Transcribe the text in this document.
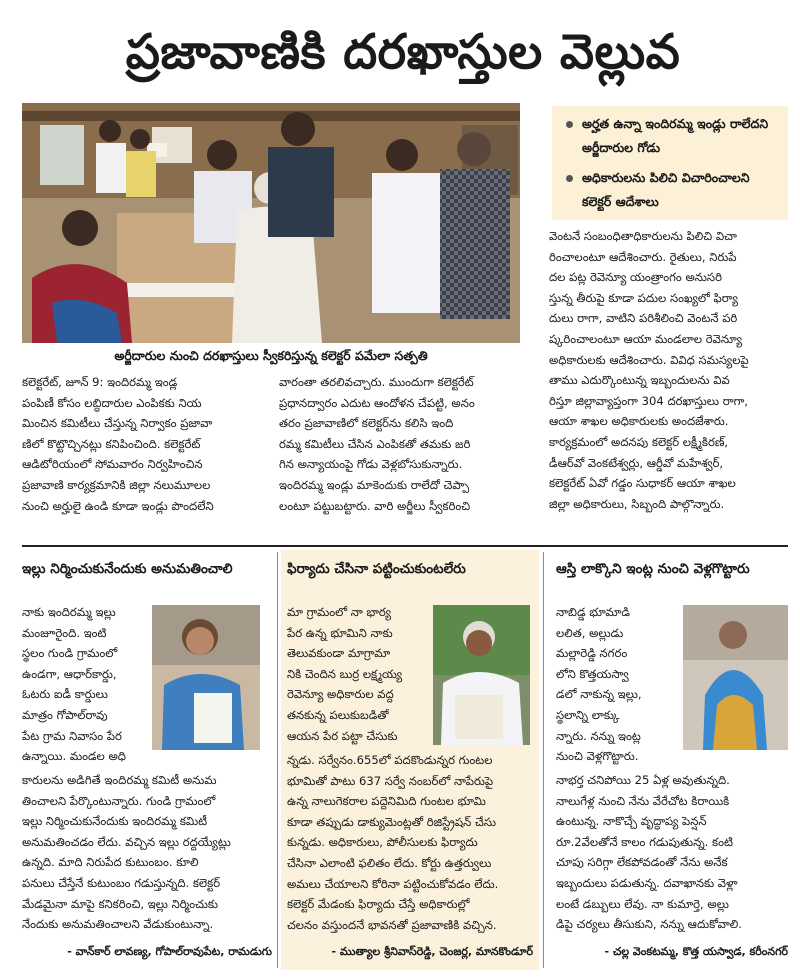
ప్రజావాణికి దరఖాస్తుల వెల్లువ
అర్జీదారుల నుంచి దరఖాస్తులు స్వీకరిస్తున్న కలెక్టర్‌ పమేలా సత్పతి
అర్హత ఉన్నా ఇందిరమ్మ ఇండ్లు రాలేదని అర్జీదారుల గోడు
అధికారులను పిలిచి విచారించాలని కలెక్టర్‌ ఆదేశాలు
కలెక్టరేట్‌, జూన్‌ 9: ఇందిరమ్మ ఇండ్ల
పంపిణీ కోసం లబ్ధిదారుల ఎంపికకు నియ
మించిన కమిటీలు చేస్తున్న నిర్వాకం ప్రజావా
ణిలో కొట్టొచ్చినట్లు కనిపించింది. కలెక్టరేట్‌
ఆడిటోరియంలో సోమవారం నిర్వహించిన
ప్రజావాణి కార్యక్రమానికి జిల్లా నలుమూలల
నుంచి అర్హులై ఉండి కూడా ఇండ్లు పొందలేని
వారంతా తరలివచ్చారు. ముందుగా కలెక్టరేట్‌
ప్రధానద్వారం ఎదుట ఆందోళన చేపట్టి, అనం
తరం ప్రజావాణిలో కలెక్టర్‌ను కలిసి ఇంది
రమ్మ కమిటీలు చేసిన ఎంపికతో తమకు జరి
గిన అన్యాయంపై గోడు వెళ్లబోసుకున్నారు.
ఇందిరమ్మ ఇండ్లు మాకెందుకు రాలేదో చెప్పా
లంటూ పట్టుబట్టారు. వారి అర్జీలు స్వీకరించి
వెంటనే సంబంధితాధికారులను పిలిచి విచా
రించాలంటూ ఆదేశించారు. రైతులు, నిరుపే
దల పట్ల రెవెన్యూ యంత్రాంగం అనుసరి
స్తున్న తీరుపై కూడా పదుల సంఖ్యలో ఫిర్యా
దులు రాగా, వాటిని పరిశీలించి వెంటనే పరి
ష్కరించాలంటూ ఆయా మండలాల రెవెన్యూ
అధికారులకు ఆదేశించారు. వివిధ సమస్యలపై
తాము ఎదుర్కొంటున్న ఇబ్బందులను వివ
రిస్తూ జిల్లావ్యాప్తంగా 304 దరఖాస్తులు రాగా,
ఆయా శాఖల అధికారులకు అందజేశారు.
కార్యక్రమంలో అదనపు కలెక్టర్‌ లక్ష్మీకిరణ్‌,
డీఆర్‌వో వెంకటేశ్వర్లు, ఆర్డీవో మహేశ్వర్‌,
కలెక్టరేట్‌ ఏవో గడ్డం సుధాకర్‌ ఆయా శాఖల
జిల్లా అధికారులు, సిబ్బంది పాల్గొన్నారు.
ఇల్లు నిర్మించుకునేందుకు అనుమతించాలి
నాకు ఇందిరమ్మ ఇల్లు
మంజూరైంది. ఇంటి
స్థలం గుండి గ్రామంలో
ఉండగా, ఆధార్‌కార్డు,
ఓటరు ఐడీ కార్డులు
మాత్రం గోపాల్‌రావు
పేట గ్రామ నివాసం పేర
ఉన్నాయి. మండల అధి
కారులను అడిగితే ఇందిరమ్మ కమిటీ అనుమ
తించాలని పేర్కొంటున్నారు. గుండి గ్రామంలో
ఇల్లు నిర్మించుకునేందుకు ఇందిరమ్మ కమిటీ
అనుమతించడం లేదు. వచ్చిన ఇల్లు రద్దయ్యేట్లు
ఉన్నది. మాది నిరుపేద కుటుంబం. కూలి
పనులు చేస్తేనే కుటుంబం గడుస్తున్నది. కలెక్టర్‌
మేడమైనా మాపై కనికరించి, ఇల్లు నిర్మించుకు
నేందుకు అనుమతించాలని వేడుకుంటున్నా.
- వాన్‌కార్‌ లావణ్య, గోపాల్‌రావుపేట, రామడుగు
ఫిర్యాదు చేసినా పట్టించుకుంటలేరు
మా గ్రామంలో నా భార్య
పేర ఉన్న భూమిని నాకు
తెలువకుండా మాగ్రామా
నికి చెందిన బుర్ర లక్ష్మయ్య
రెవెన్యూ అధికారుల వద్ద
తనకున్న పలుకుబడితో
ఆయన పేర పట్టా చేసుకు
న్నడు. సర్వేనం.655లో పదకొండున్నర గుంటల
భూమితో పాటు 637 సర్వే నంబర్‌లో నాపేరుపై
ఉన్న నాలుగెకరాల పద్దెనిమిది గుంటల భూమి
కూడా తప్పుడు డాక్యుమెంట్లతో రిజిస్ట్రేషన్‌ చేసు
కున్నడు. అధికారులు, పోలీసులకు ఫిర్యాదు
చేసినా ఎలాంటి ఫలితం లేదు. కోర్టు ఉత్తర్వులు
అమలు చేయాలని కోరినా పట్టించుకోవడం లేదు.
కలెక్టర్‌ మేడంకు ఫిర్యాదు చేస్తే అధికారుల్లో
చలనం వస్తుందనే భావనతో ప్రజావాణికి వచ్చిన.
- ముత్యాల శ్రీనివాస్‌రెడ్డి, చెంజర్ల, మానకొండూర్‌
ఆస్తి లాక్కొని ఇంట్ల నుంచి వెళ్లగొట్టారు
నాబిడ్డ భూమాడి
లలిత, అల్లుడు
మల్లారెడ్డి నగరం
లోని కొత్తయస్వా
డలో నాకున్న ఇల్లు,
స్థలాన్ని లాక్కు
న్నారు. నన్ను ఇంట్ల
నుంచి వెళ్లగొట్టారు.
నాభర్త చనిపోయి 25 ఏళ్ల అవుతున్నది.
నాలుగేళ్ల నుంచి నేను వేరేచోట కిరాయికి
ఉంటున్న. నాకొచ్చే వృద్ధాప్య పెన్షన్‌
రూ.2వేలతోనే కాలం గడుపుతున్న. కంటి
చూపు సరిగ్గా లేకపోవడంతో నేను అనేక
ఇబ్బందులు పడుతున్న. దవాఖానకు వెళ్లా
లంటే డబ్బులు లేవు. నా కుమార్తె, అల్లు
డిపై చర్యలు తీసుకుని, నన్ను ఆదుకోవాలి.
- చల్ల వెంకటమ్మ, కొత్త యస్వాడ, కరీంనగర్‌
